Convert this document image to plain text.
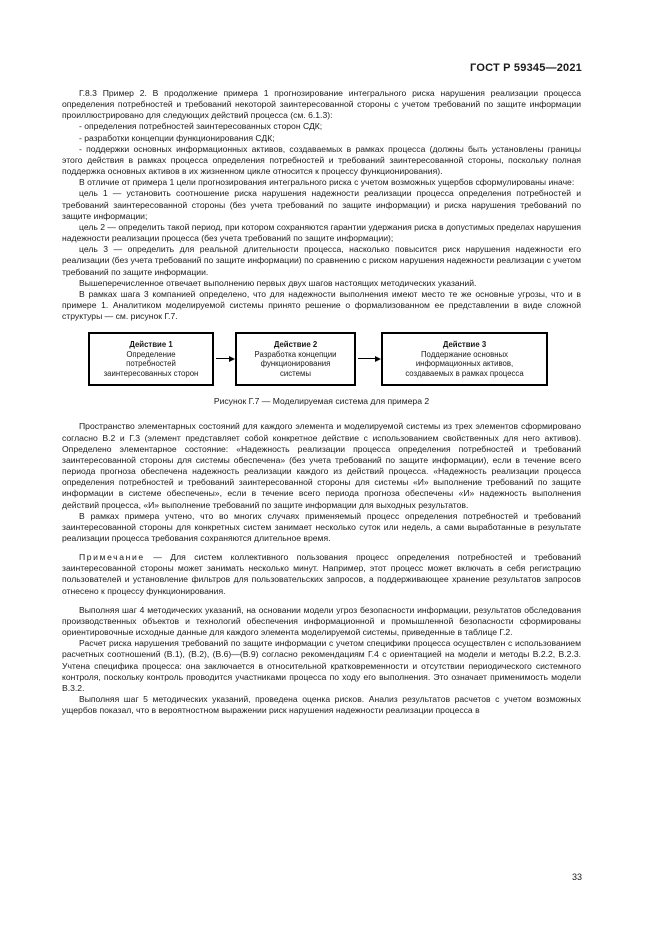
ГОСТ Р 59345—2021

Г.8.3 Пример 2. В продолжение примера 1 прогнозирование интегрального риска нарушения реализации процесса определения потребностей и требований некоторой заинтересованной стороны с учетом требований по защите информации проиллюстрировано для следующих действий процесса (см. 6.1.3):

- определения потребностей заинтересованных сторон СДК;

- разработки концепции функционирования СДК;

- поддержки основных информационных активов, создаваемых в рамках процесса (должны быть установлены границы этого действия в рамках процесса определения потребностей и требований заинтересованной стороны, поскольку полная поддержка основных активов в их жизненном цикле относится к процессу функционирования).

В отличие от примера 1 цели прогнозирования интегрального риска с учетом возможных ущербов сформулированы иначе:

цель 1 — установить соотношение риска нарушения надежности реализации процесса определения потребностей и требований заинтересованной стороны (без учета требований по защите информации) и риска нарушения требований по защите информации;

цель 2 — определить такой период, при котором сохраняются гарантии удержания риска в допустимых пределах нарушения надежности реализации процесса (без учета требований по защите информации);

цель 3 — определить для реальной длительности процесса, насколько повысится риск нарушения надежности его реализации (без учета требований по защите информации) по сравнению с риском нарушения надежности реализации с учетом требований по защите информации.

Вышеперечисленное отвечает выполнению первых двух шагов настоящих методических указаний.

В рамках шага 3 компанией определено, что для надежности выполнения имеют место те же основные угрозы, что и в примере 1. Аналитиком моделируемой системы принято решение о формализованном ее представлении в виде сложной структуры — см. рисунок Г.7.

Действие 1
Определение
потребностей
заинтересованных сторон
Действие 2
Разработка концепции
функционирования
системы
Действие 3
Поддержание основных
информационных активов,
создаваемых в рамках процесса
Рисунок Г.7 — Моделируемая система для примера 2

Пространство элементарных состояний для каждого элемента и моделируемой системы из трех элементов сформировано согласно В.2 и Г.3 (элемент представляет собой конкретное действие с использованием свойственных для него активов). Определено элементарное состояние: «Надежность реализации процесса определения потребностей и требований заинтересованной стороны для системы обеспечена» (без учета требований по защите информации), если в течение всего периода прогноза обеспечена надежность реализации каждого из действий процесса. «Надежность реализации процесса определения потребностей и требований заинтересованной стороны для системы «И» выполнение требований по защите информации в системе обеспечены», если в течение всего периода прогноза обеспечены «И» надежность выполнения действий процесса, «И» выполнение требований по защите информации для выходных результатов.

В рамках примера учтено, что во многих случаях применяемый процесс определения потребностей и требований заинтересованной стороны для конкретных систем занимает несколько суток или недель, а сами выработанные в результате реализации процесса требования сохраняются длительное время.

Примечание — Для систем коллективного пользования процесс определения потребностей и требований заинтересованной стороны может занимать несколько минут. Например, этот процесс может включать в себя регистрацию пользователей и установление фильтров для пользовательских запросов, а поддерживающее хранение результатов запросов отнесено к процессу функционирования.

Выполняя шаг 4 методических указаний, на основании модели угроз безопасности информации, результатов обследования производственных объектов и технологий обеспечения информационной и промышленной безопасности сформированы ориентировочные исходные данные для каждого элемента моделируемой системы, приведенные в таблице Г.2.

Расчет риска нарушения требований по защите информации с учетом специфики процесса осуществлен с использованием расчетных соотношений (В.1), (В.2), (В.6)—(В.9) согласно рекомендациям Г.4 с ориентацией на модели и методы В.2.2, В.2.3. Учтена специфика процесса: она заключается в относительной кратковременности и отсутствии периодического системного контроля, поскольку контроль проводится участниками процесса по ходу его выполнения. Это означает применимость модели В.3.2.

Выполняя шаг 5 методических указаний, проведена оценка рисков. Анализ результатов расчетов с учетом возможных ущербов показал, что в вероятностном выражении риск нарушения надежности реализации процесса в

33
